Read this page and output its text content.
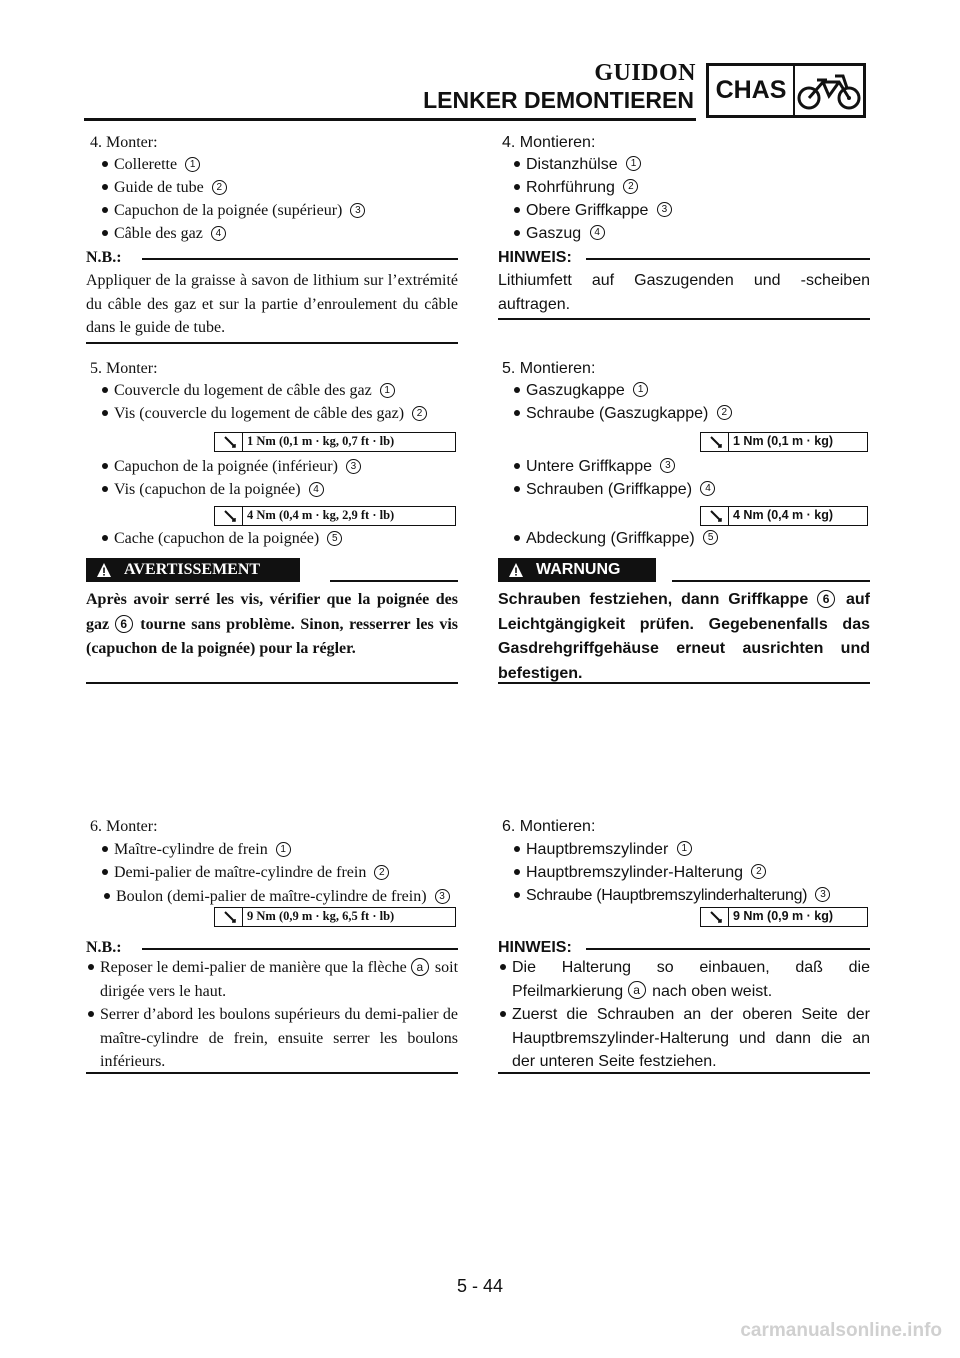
GUIDON
LENKER DEMONTIEREN CHAS
4. Monter:
Collerette 1
Guide de tube 2
Capuchon de la poignée (supérieur) 3
Câble des gaz 4
N.B.:
Appliquer de la graisse à savon de lithium sur l’extrémité du câble des gaz et sur la partie d’enroulement du câble dans le guide de tube.
5. Monter:
Couvercle du logement de câble des gaz 1
Vis (couvercle du logement de câble des gaz) 2
1 Nm (0,1 m · kg, 0,7 ft · lb)
Capuchon de la poignée (inférieur) 3
Vis (capuchon de la poignée) 4
4 Nm (0,4 m · kg, 2,9 ft · lb)
Cache (capuchon de la poignée) 5
AVERTISSEMENT
Après avoir serré les vis, vérifier que la poignée des gaz 6 tourne sans problème. Sinon, resserrer les vis (capuchon de la poignée) pour la régler.
6. Monter:
Maître-cylindre de frein 1
Demi-palier de maître-cylindre de frein 2
Boulon (demi-palier de maître-cylindre de frein) 3
9 Nm (0,9 m · kg, 6,5 ft · lb)
N.B.:
Reposer le demi-palier de manière que la flèche a soit dirigée vers le haut.
Serrer d’abord les boulons supérieurs du demi-palier de maître-cylindre de frein, ensuite serrer les boulons inférieurs.
4. Montieren:
Distanzhülse 1
Rohrführung 2
Obere Griffkappe 3
Gaszug 4
HINWEIS:
Lithiumfett auf Gaszugenden und -scheiben auftragen.
5. Montieren:
Gaszugkappe 1
Schraube (Gaszugkappe) 2
1 Nm (0,1 m · kg)
Untere Griffkappe 3
Schrauben (Griffkappe) 4
4 Nm (0,4 m · kg)
Abdeckung (Griffkappe) 5
WARNUNG
Schrauben festziehen, dann Griffkappe 6 auf Leichtgängigkeit prüfen. Gegebenenfalls das Gasdrehgriffgehäuse erneut ausrichten und befestigen.
6. Montieren:
Hauptbremszylinder 1
Hauptbremszylinder-Halterung 2
Schraube (Hauptbremszylinderhalterung) 3
9 Nm (0,9 m · kg)
HINWEIS:
Die Halterung so einbauen, daß die Pfeilmarkierung a nach oben weist.
Zuerst die Schrauben an der oberen Seite der Hauptbremszylinder-Halterung und dann die an der unteren Seite festziehen.
5 - 44
carmanualsonline.info
